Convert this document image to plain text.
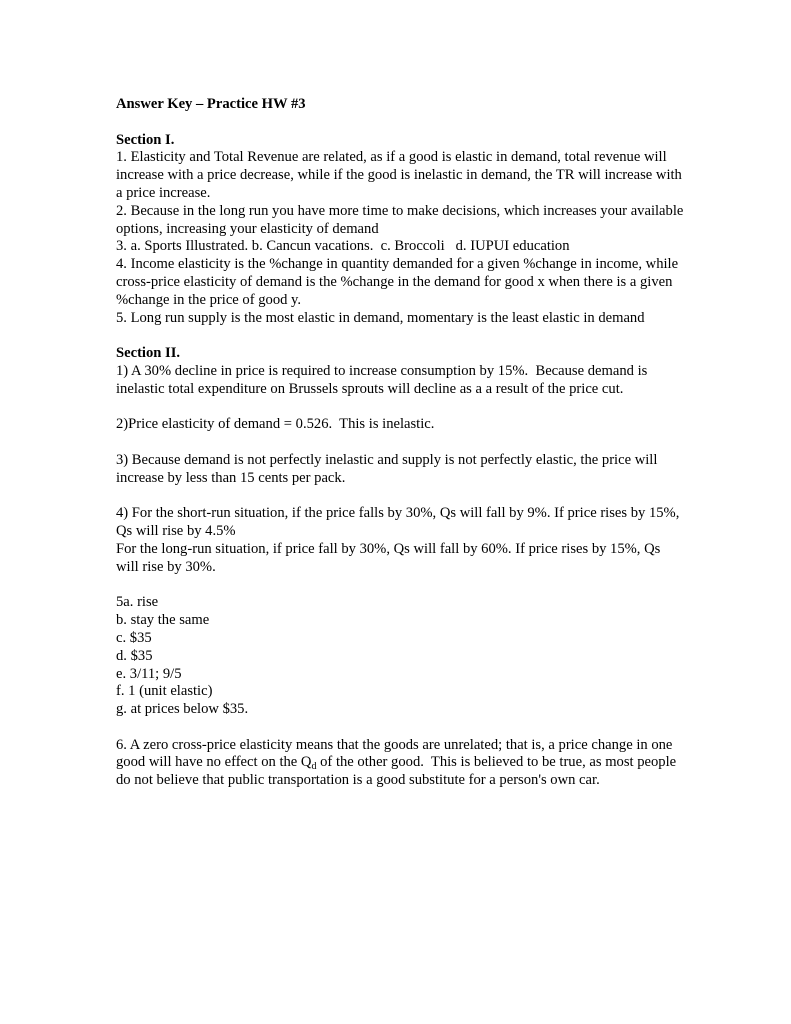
Answer Key – Practice HW #3

Section I.

1. Elasticity and Total Revenue are related, as if a good is elastic in demand, total revenue will increase with a price decrease, while if the good is inelastic in demand, the TR will increase with a price increase.

2. Because in the long run you have more time to make decisions, which increases your available options, increasing your elasticity of demand

3. a. Sports Illustrated. b. Cancun vacations.  c. Broccoli   d. IUPUI education

4. Income elasticity is the %change in quantity demanded for a given %change in income, while cross-price elasticity of demand is the %change in the demand for good x when there is a given %change in the price of good y.

5. Long run supply is the most elastic in demand, momentary is the least elastic in demand

Section II.

1) A 30% decline in price is required to increase consumption by 15%.  Because demand is inelastic total expenditure on Brussels sprouts will decline as a a result of the price cut.

2)Price elasticity of demand = 0.526.  This is inelastic.

3) Because demand is not perfectly inelastic and supply is not perfectly elastic, the price will increase by less than 15 cents per pack.

4) For the short-run situation, if the price falls by 30%, Qs will fall by 9%. If price rises by 15%, Qs will rise by 4.5%

For the long-run situation, if price fall by 30%, Qs will fall by 60%. If price rises by 15%, Qs will rise by 30%.

5a. rise

b. stay the same

c. $35

d. $35

e. 3/11; 9/5

f. 1 (unit elastic)

g. at prices below $35.

6. A zero cross-price elasticity means that the goods are unrelated; that is, a price change in one good will have no effect on the $Q_d$ of the other good.  This is believed to be true, as most people do not believe that public transportation is a good substitute for a person's own car.
